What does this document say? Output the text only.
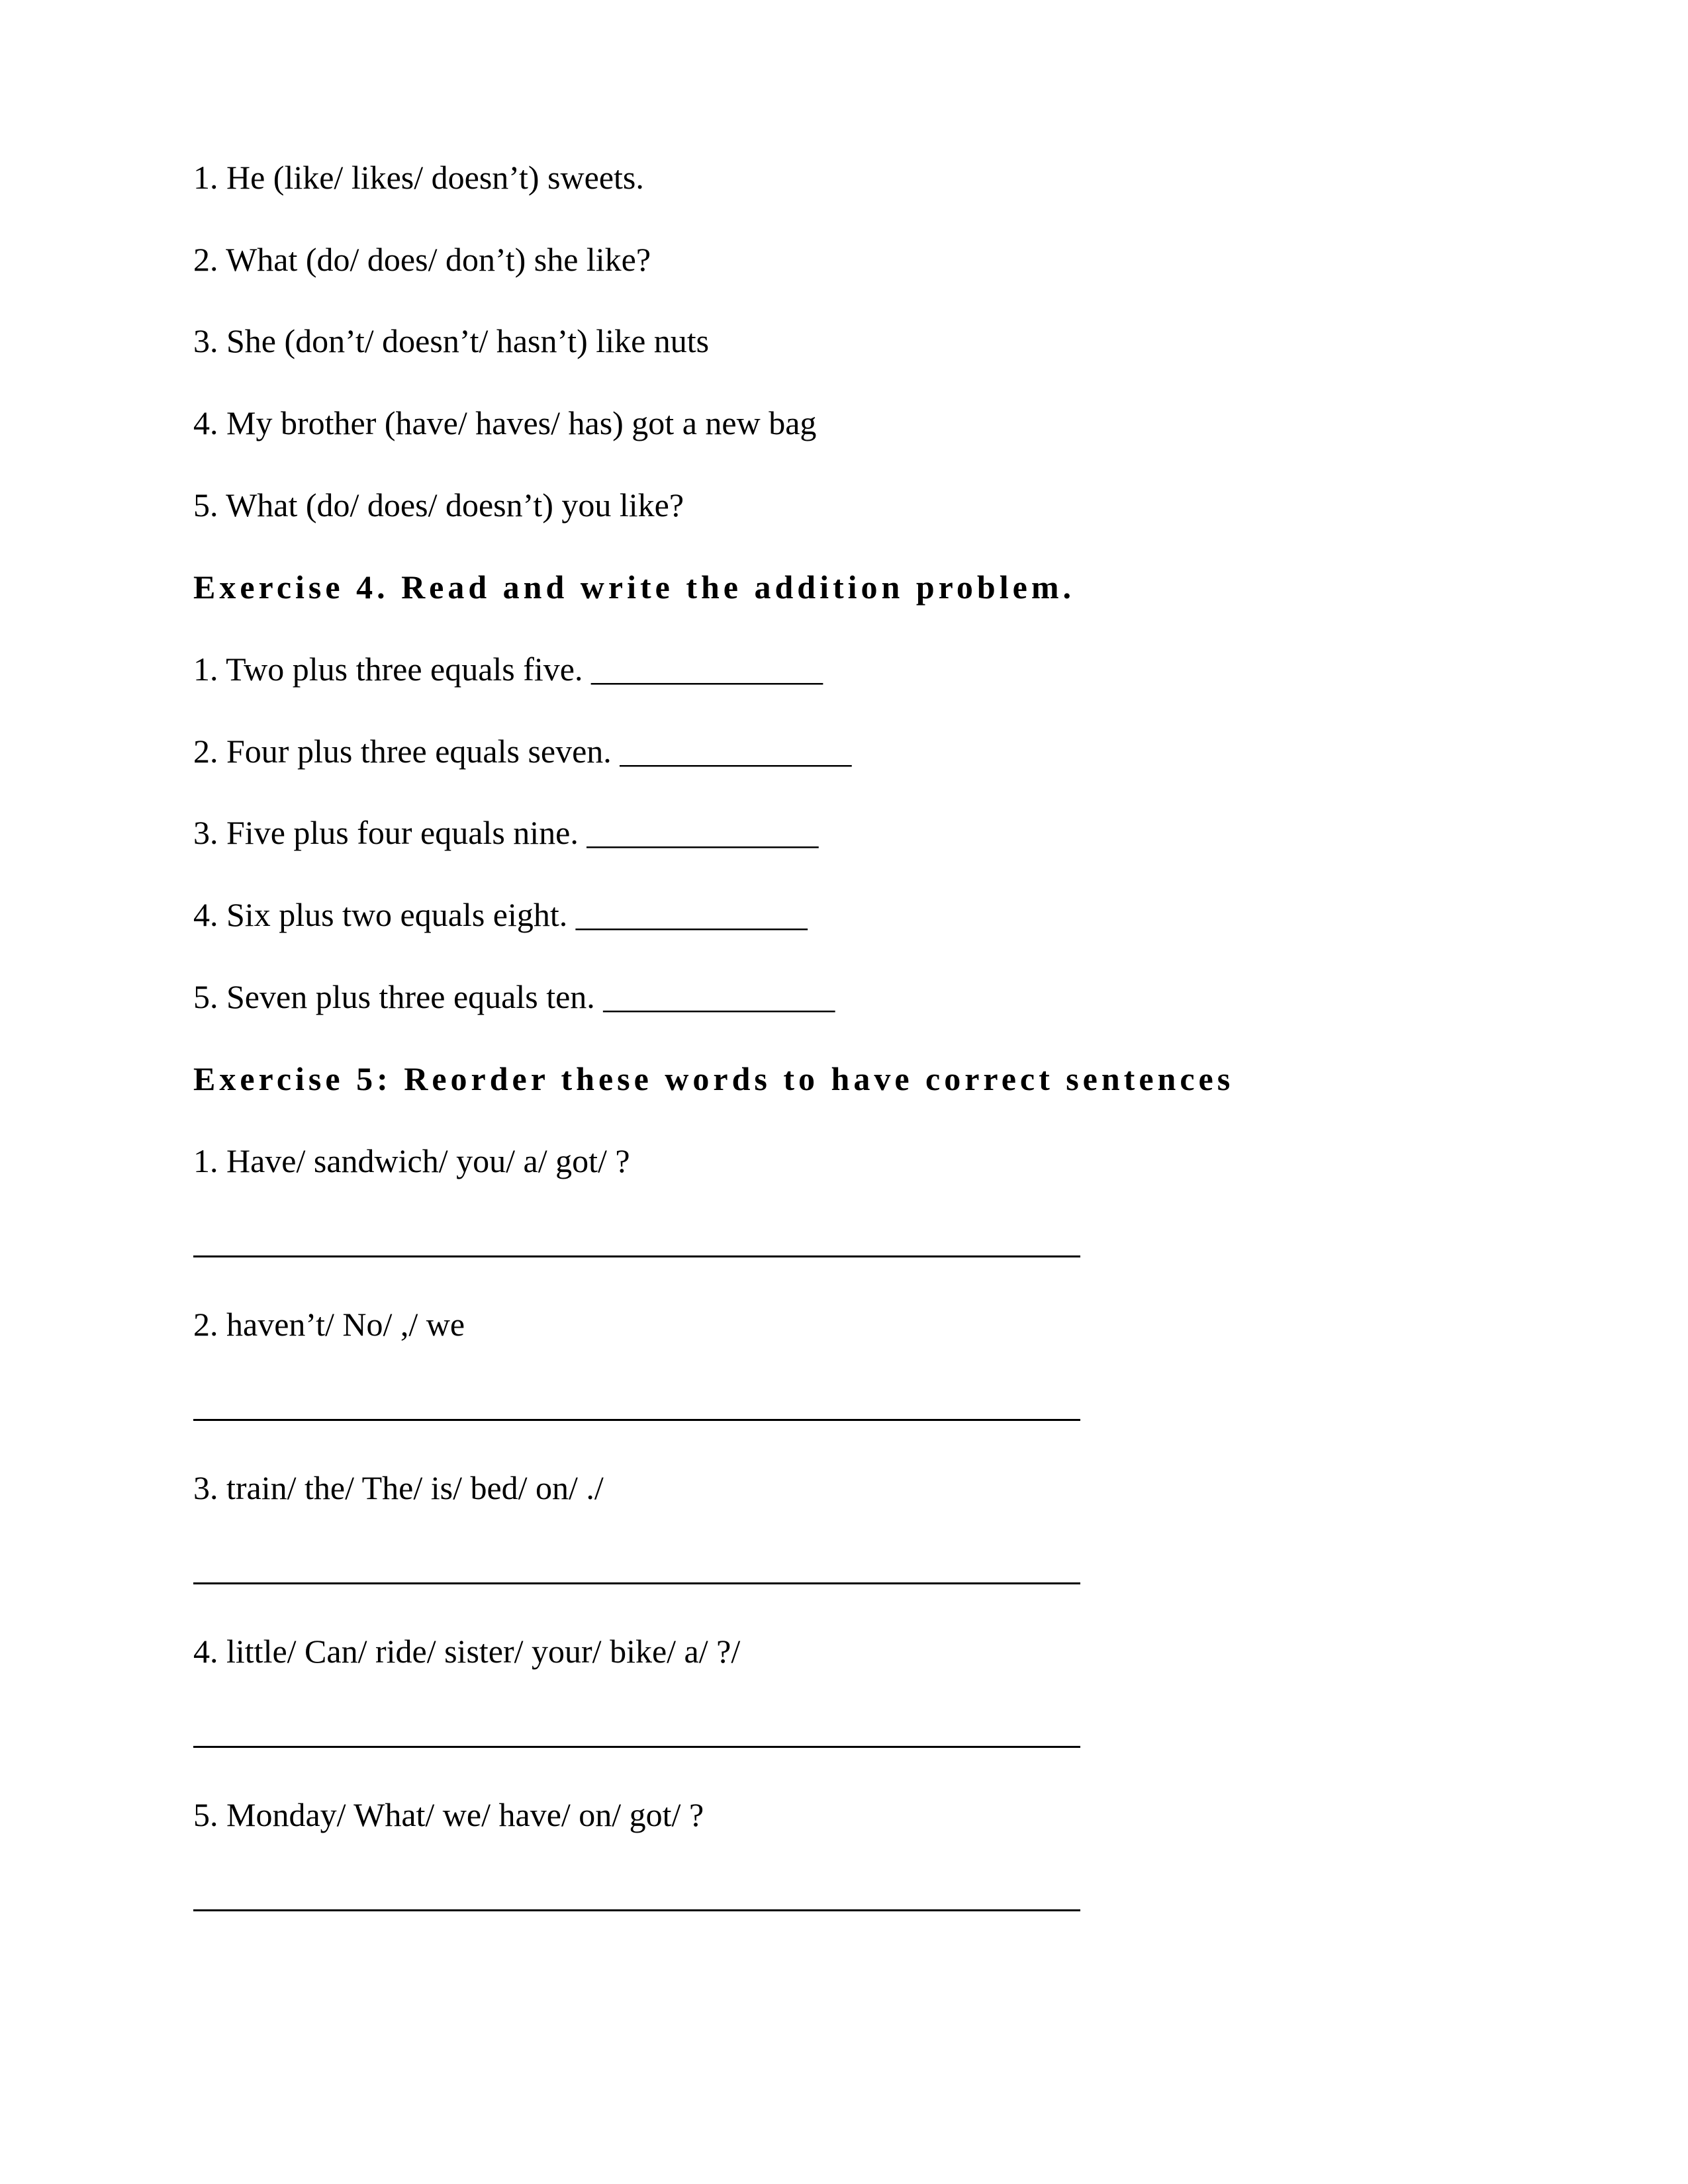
1. He (like/ likes/ doesn’t) sweets.
2. What (do/ does/ don’t) she like?
3. She (don’t/ doesn’t/ hasn’t) like nuts
4. My brother (have/ haves/ has) got a new bag
5. What (do/ does/ doesn’t) you like?
Exercise 4. Read and write the addition problem.
1. Two plus three equals five. ______________
2. Four plus three equals seven. ______________
3. Five plus four equals nine. ______________
4. Six plus two equals eight. ______________
5. Seven plus three equals ten. ______________
Exercise 5: Reorder these words to have correct sentences
1. Have/ sandwich/ you/ a/ got/ ?
2. haven’t/ No/ ,/ we
3. train/ the/ The/ is/ bed/ on/ ./
4. little/ Can/ ride/ sister/ your/ bike/ a/ ?/
5. Monday/ What/ we/ have/ on/ got/ ?
